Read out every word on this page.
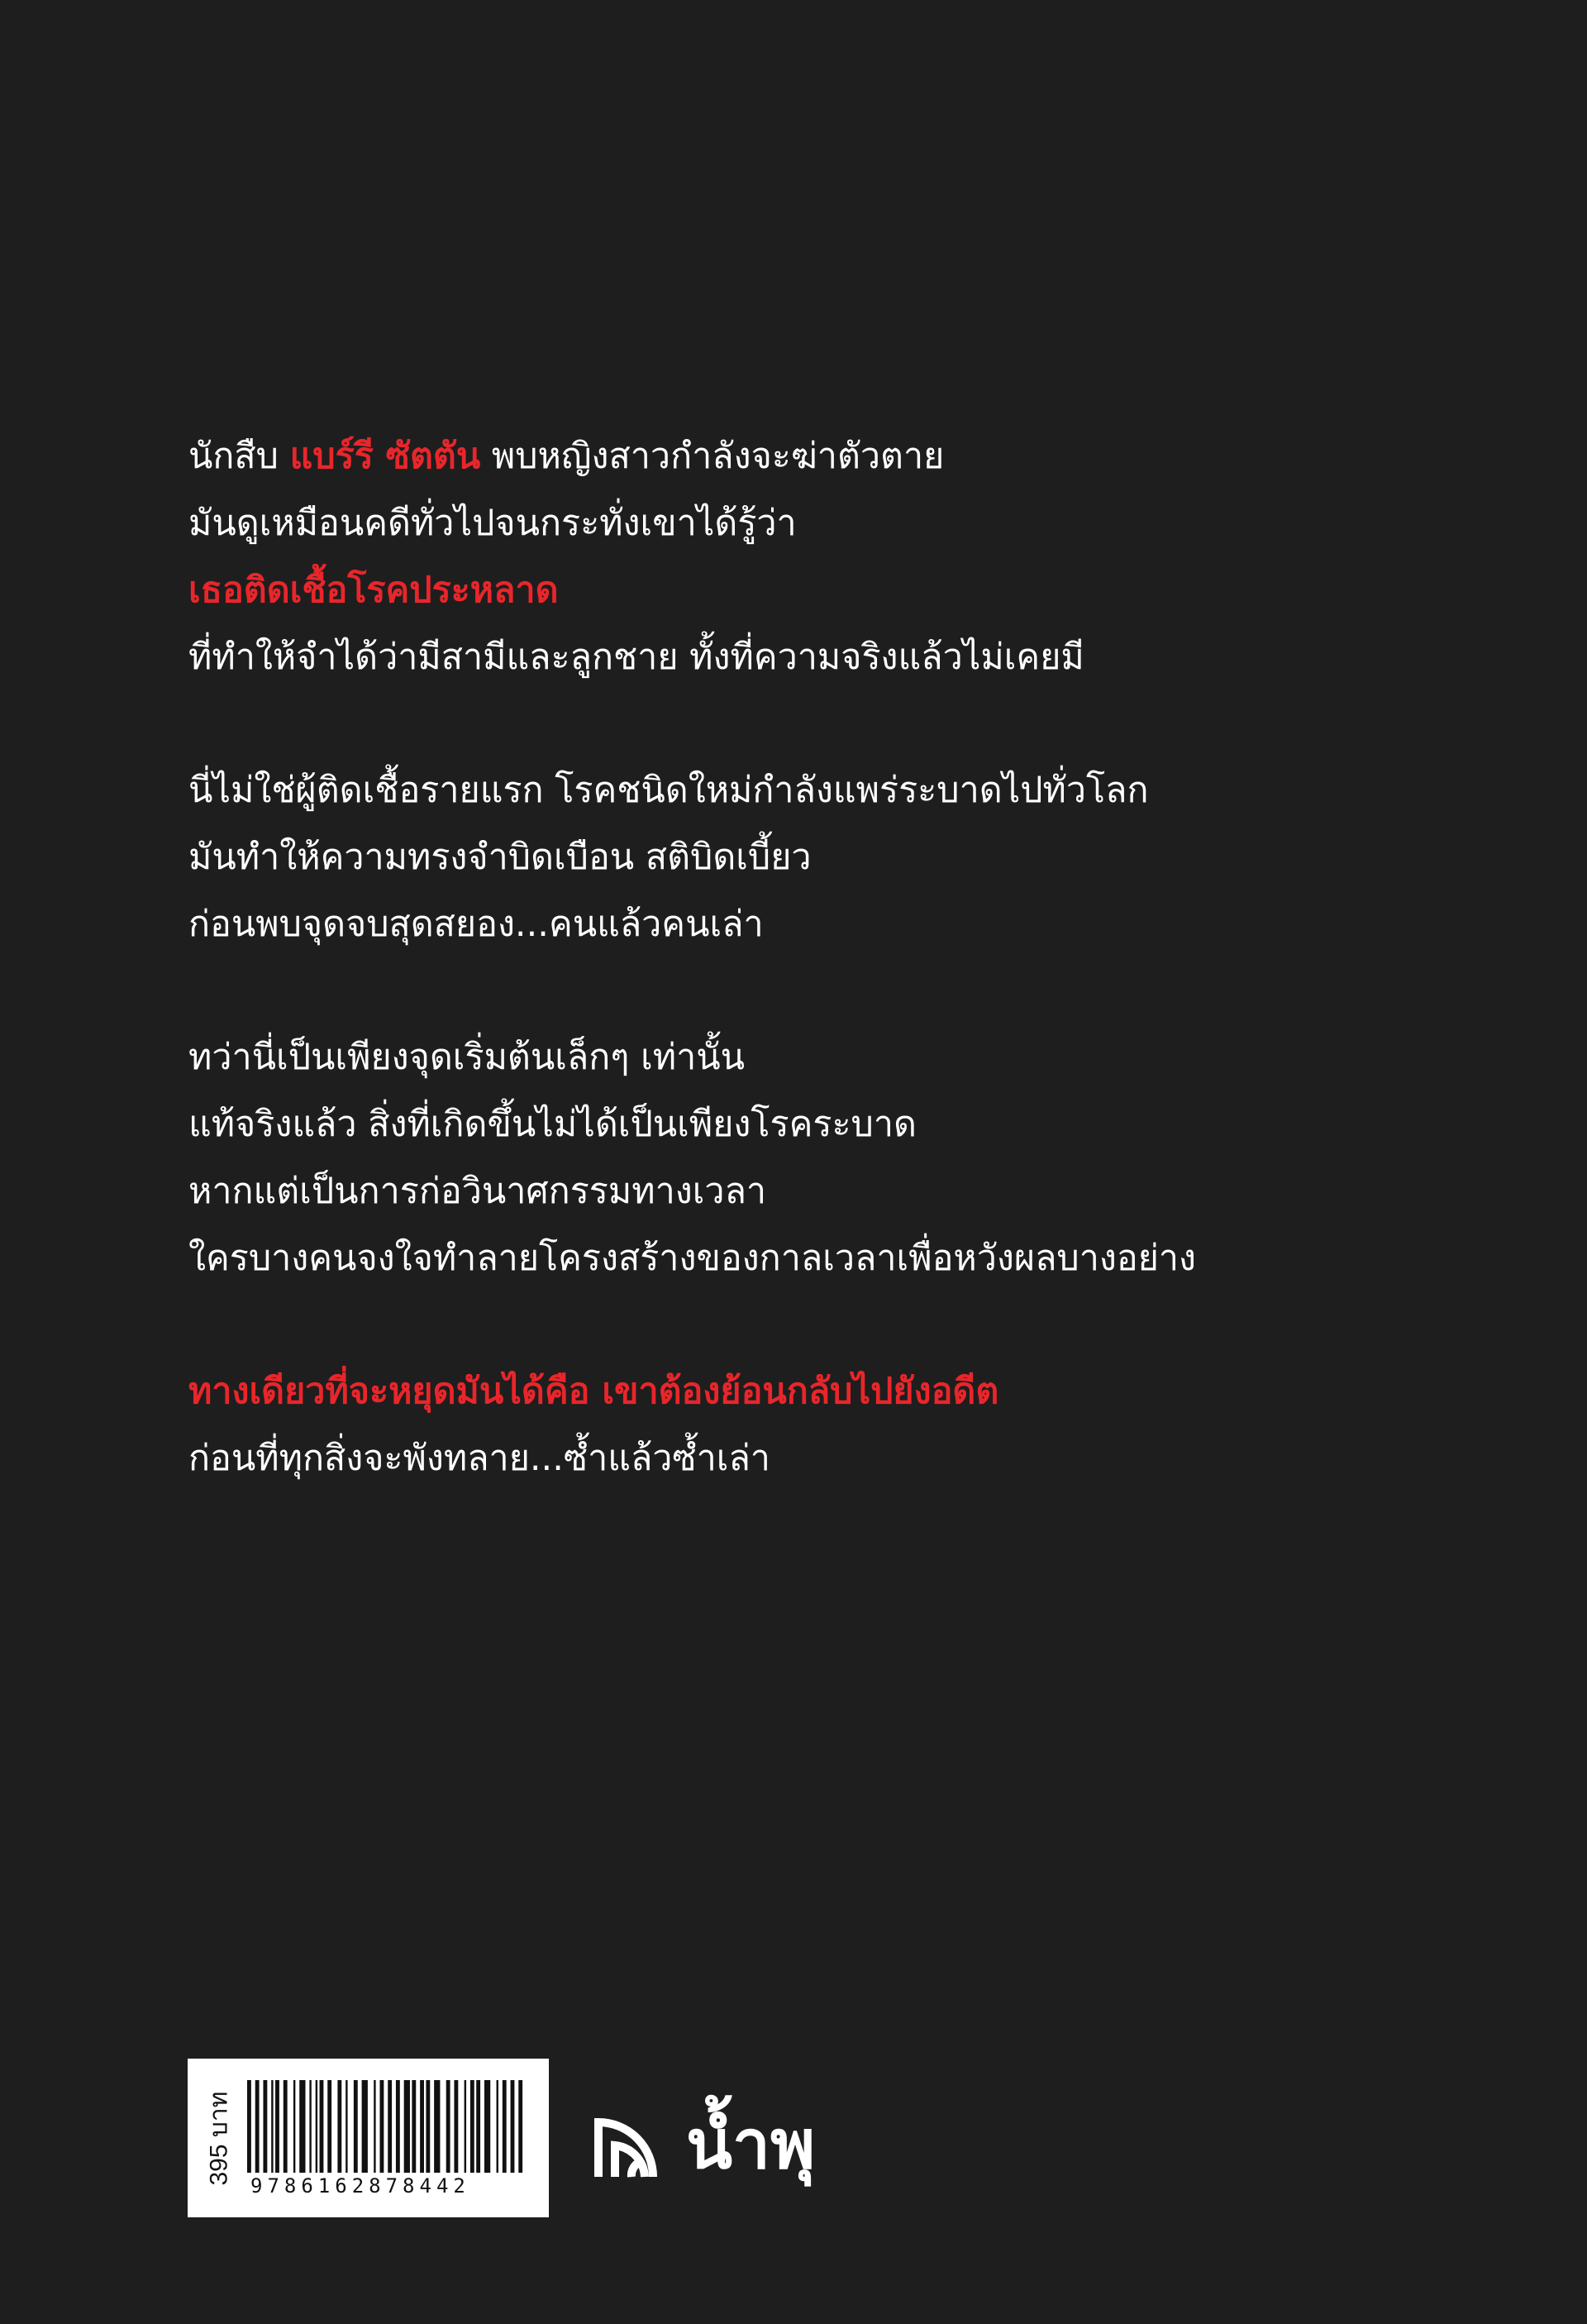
นักสืบ แบร์รี ซัตตัน พบหญิงสาวกำลังจะฆ่าตัวตาย
มันดูเหมือนคดีทั่วไปจนกระทั่งเขาได้รู้ว่า
เธอติดเชื้อโรคประหลาด
ที่ทำให้จำได้ว่ามีสามีและลูกชาย ทั้งที่ความจริงแล้วไม่เคยมี
นี่ไม่ใช่ผู้ติดเชื้อรายแรก โรคชนิดใหม่กำลังแพร่ระบาดไปทั่วโลก
มันทำให้ความทรงจำบิดเบือน สติบิดเบี้ยว
ก่อนพบจุดจบสุดสยอง...คนแล้วคนเล่า
ทว่านี่เป็นเพียงจุดเริ่มต้นเล็กๆ เท่านั้น
แท้จริงแล้ว สิ่งที่เกิดขึ้นไม่ได้เป็นเพียงโรคระบาด
หากแต่เป็นการก่อวินาศกรรมทางเวลา
ใครบางคนจงใจทำลายโครงสร้างของกาลเวลาเพื่อหวังผลบางอย่าง
ทางเดียวที่จะหยุดมันได้คือ เขาต้องย้อนกลับไปยังอดีต
ก่อนที่ทุกสิ่งจะพังทลาย...ซ้ำแล้วซ้ำเล่า
395 บาท
9786162878442
น้ำพุ
